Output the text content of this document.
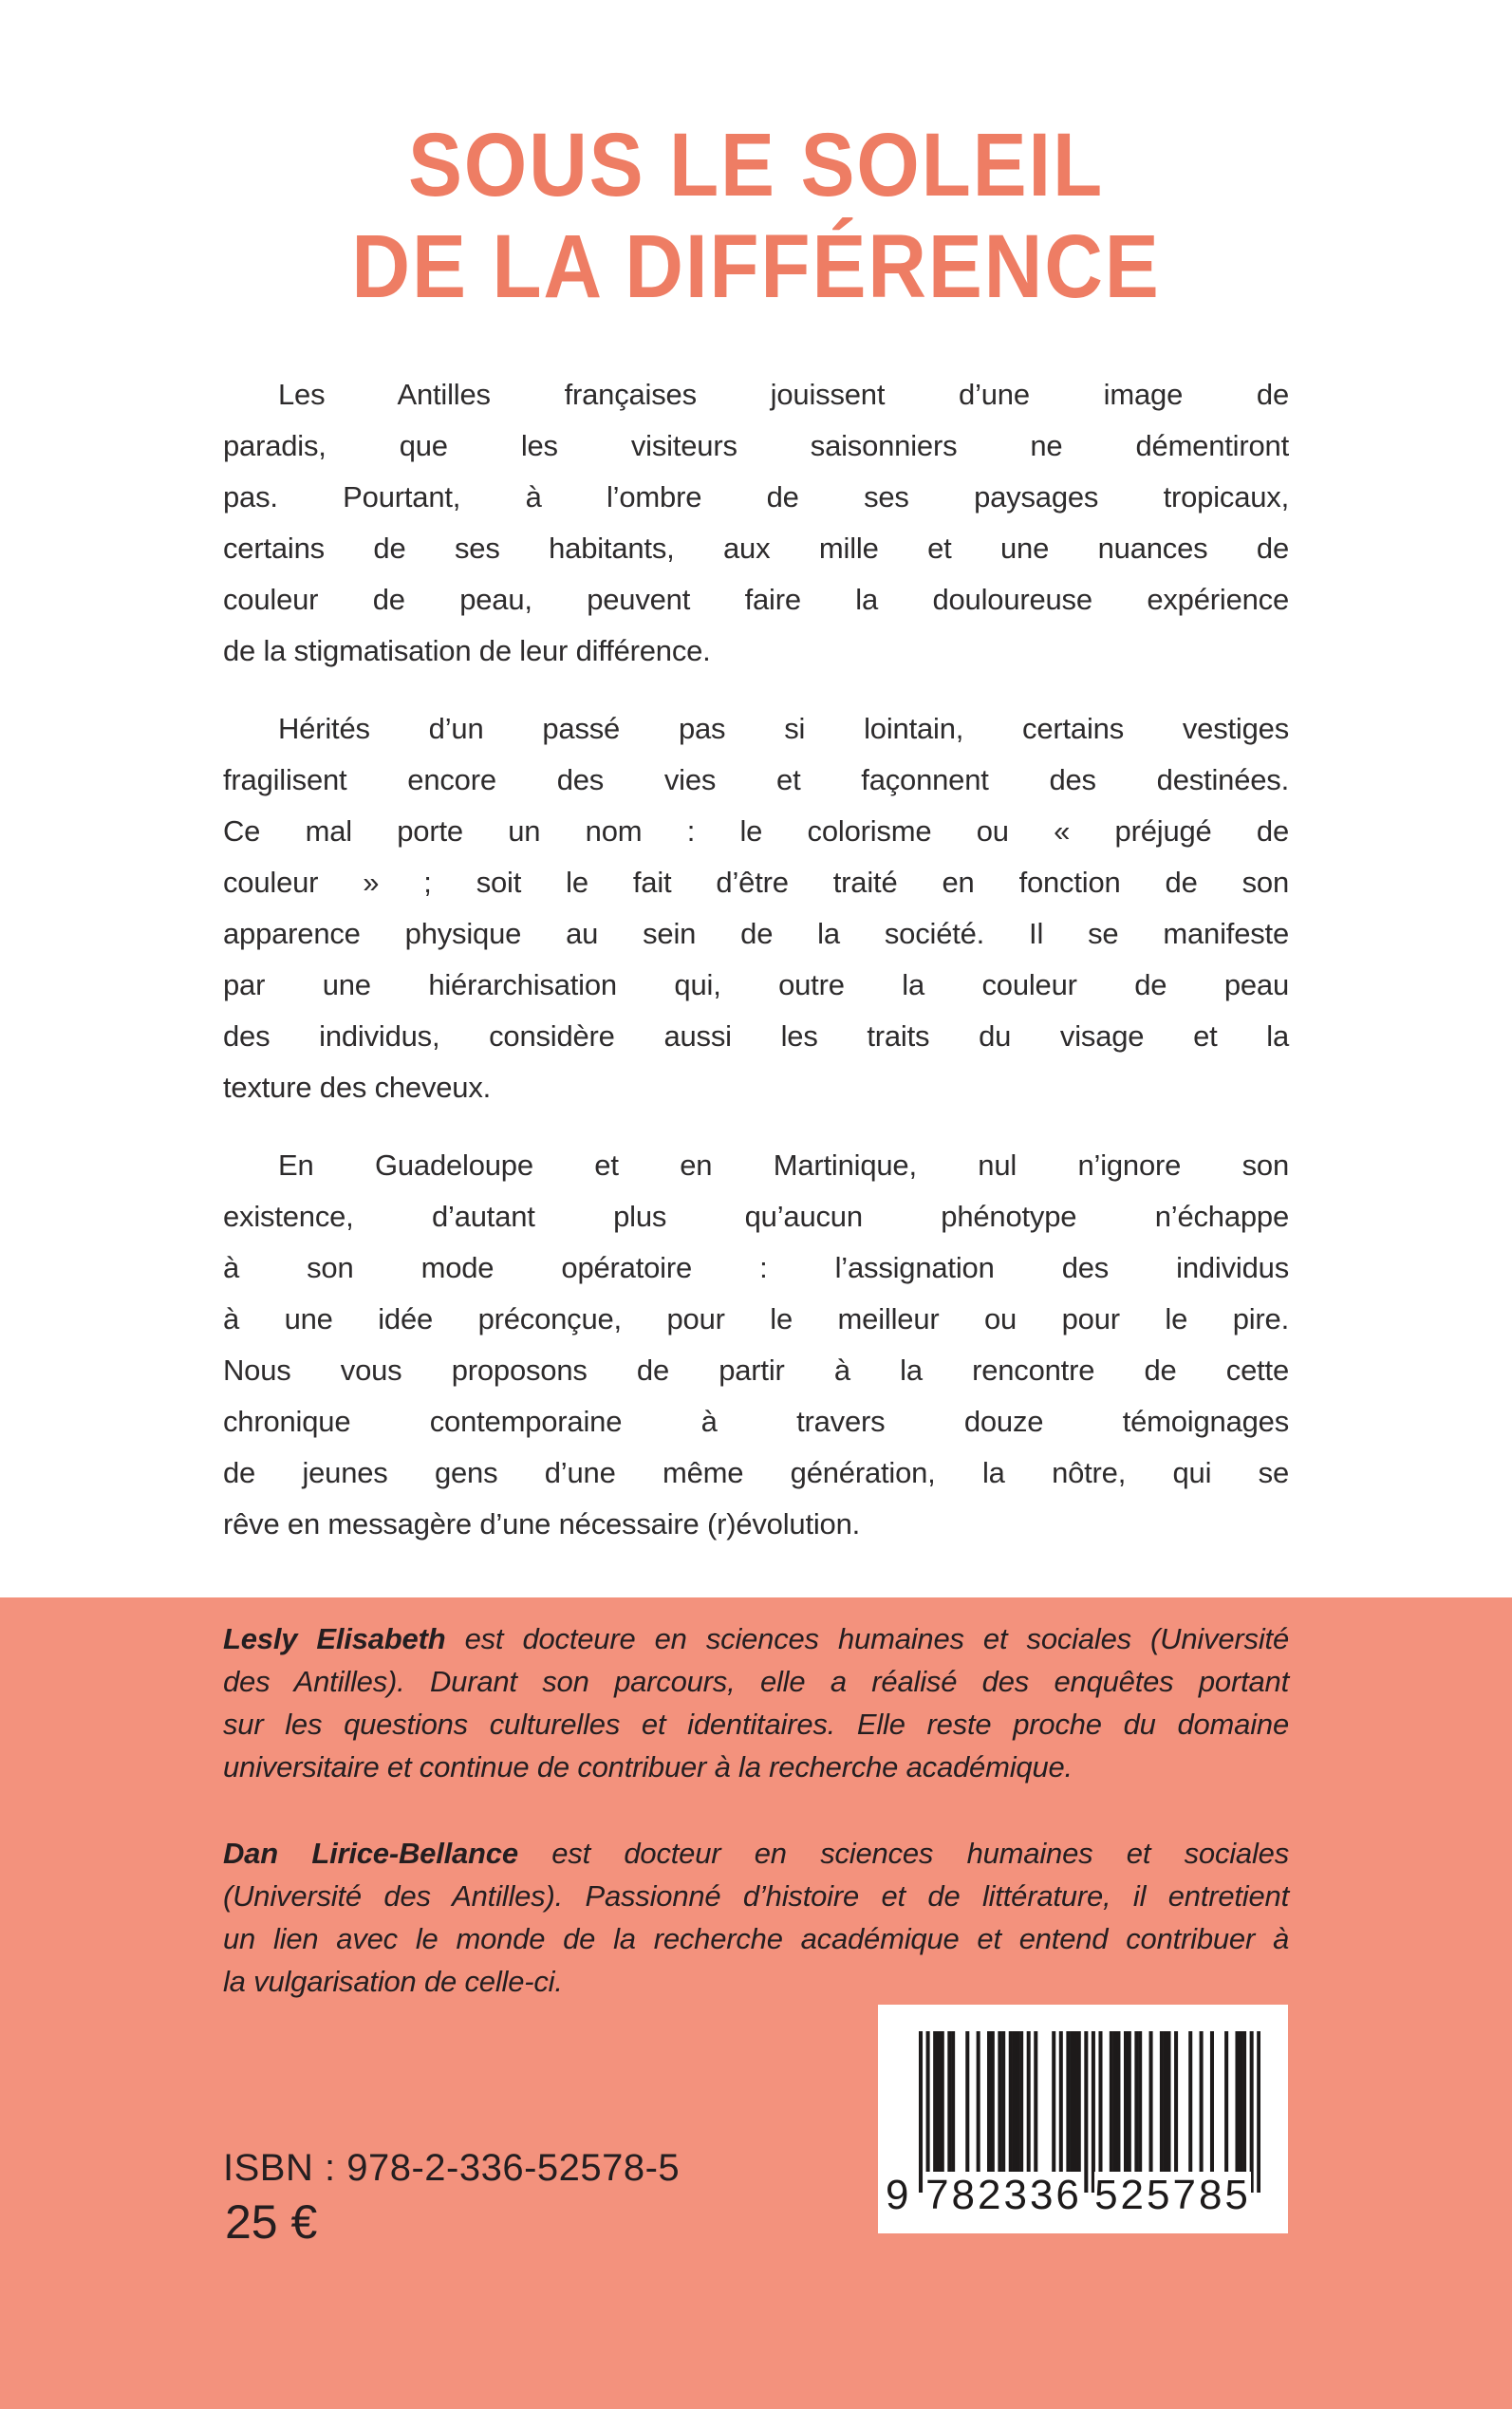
SOUS LE SOLEIL
DE LA DIFFÉRENCE
Les Antilles françaises jouissent d’une image de
paradis, que les visiteurs saisonniers ne démentiront
pas. Pourtant, à l’ombre de ses paysages tropicaux,
certains de ses habitants, aux mille et une nuances de
couleur de peau, peuvent faire la douloureuse expérience
de la stigmatisation de leur différence.
Hérités d’un passé pas si lointain, certains vestiges
fragilisent encore des vies et façonnent des destinées.
Ce mal porte un nom : le colorisme ou « préjugé de
couleur » ; soit le fait d’être traité en fonction de son
apparence physique au sein de la société. Il se manifeste
par une hiérarchisation qui, outre la couleur de peau
des individus, considère aussi les traits du visage et la
texture des cheveux.
En Guadeloupe et en Martinique, nul n’ignore son
existence, d’autant plus qu’aucun phénotype n’échappe
à son mode opératoire : l’assignation des individus
à une idée préconçue, pour le meilleur ou pour le pire.
Nous vous proposons de partir à la rencontre de cette
chronique contemporaine à travers douze témoignages
de jeunes gens d’une même génération, la nôtre, qui se
rêve en messagère d’une nécessaire (r)évolution.
Lesly Elisabeth est docteure en sciences humaines et sociales (Université
des Antilles). Durant son parcours, elle a réalisé des enquêtes portant
sur les questions culturelles et identitaires. Elle reste proche du domaine
universitaire et continue de contribuer à la recherche académique.
Dan Lirice-Bellance est docteur en sciences humaines et sociales
(Université des Antilles). Passionné d’histoire et de littérature, il entretient
un lien avec le monde de la recherche académique et entend contribuer à
la vulgarisation de celle-ci.
9 782336 525785
ISBN : 978-2-336-52578-5
25 €
